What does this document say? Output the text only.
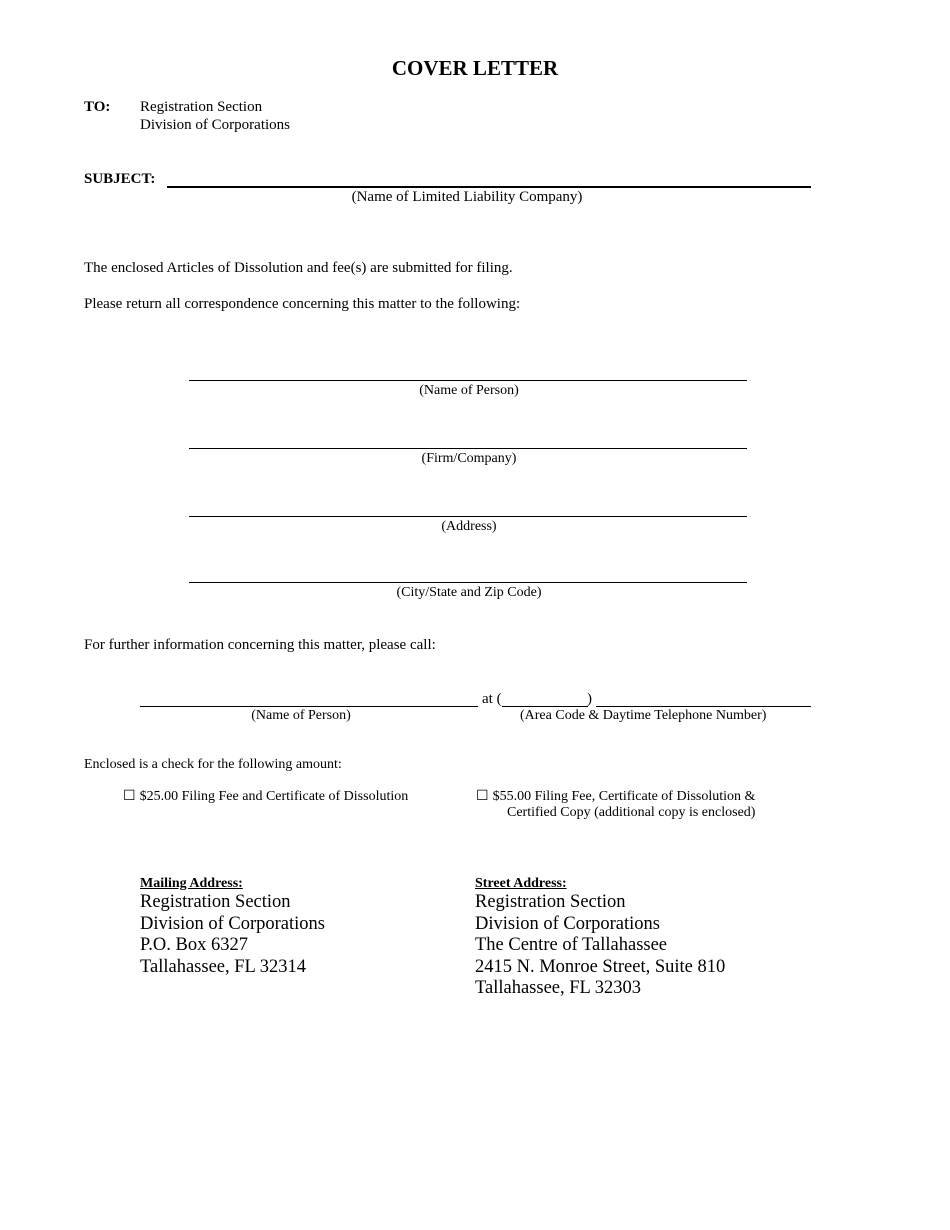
COVER LETTER
TO: Registration Section
Division of Corporations
SUBJECT:
(Name of Limited Liability Company)
The enclosed Articles of Dissolution and fee(s) are submitted for filing.
Please return all correspondence concerning this matter to the following:
(Name of Person)
(Firm/Company)
(Address)
(City/State and Zip Code)
For further information concerning this matter, please call:
at (	)
(Name of Person)	(Area Code & Daytime Telephone Number)
Enclosed is a check for the following amount:
☐ $25.00 Filing Fee and Certificate of Dissolution	☐ $55.00 Filing Fee, Certificate of Dissolution &
Certified Copy (additional copy is enclosed)
Mailing Address:
Registration Section
Division of Corporations
P.O. Box 6327
Tallahassee, FL 32314
Street Address:
Registration Section
Division of Corporations
The Centre of Tallahassee
2415 N. Monroe Street, Suite 810
Tallahassee, FL 32303
